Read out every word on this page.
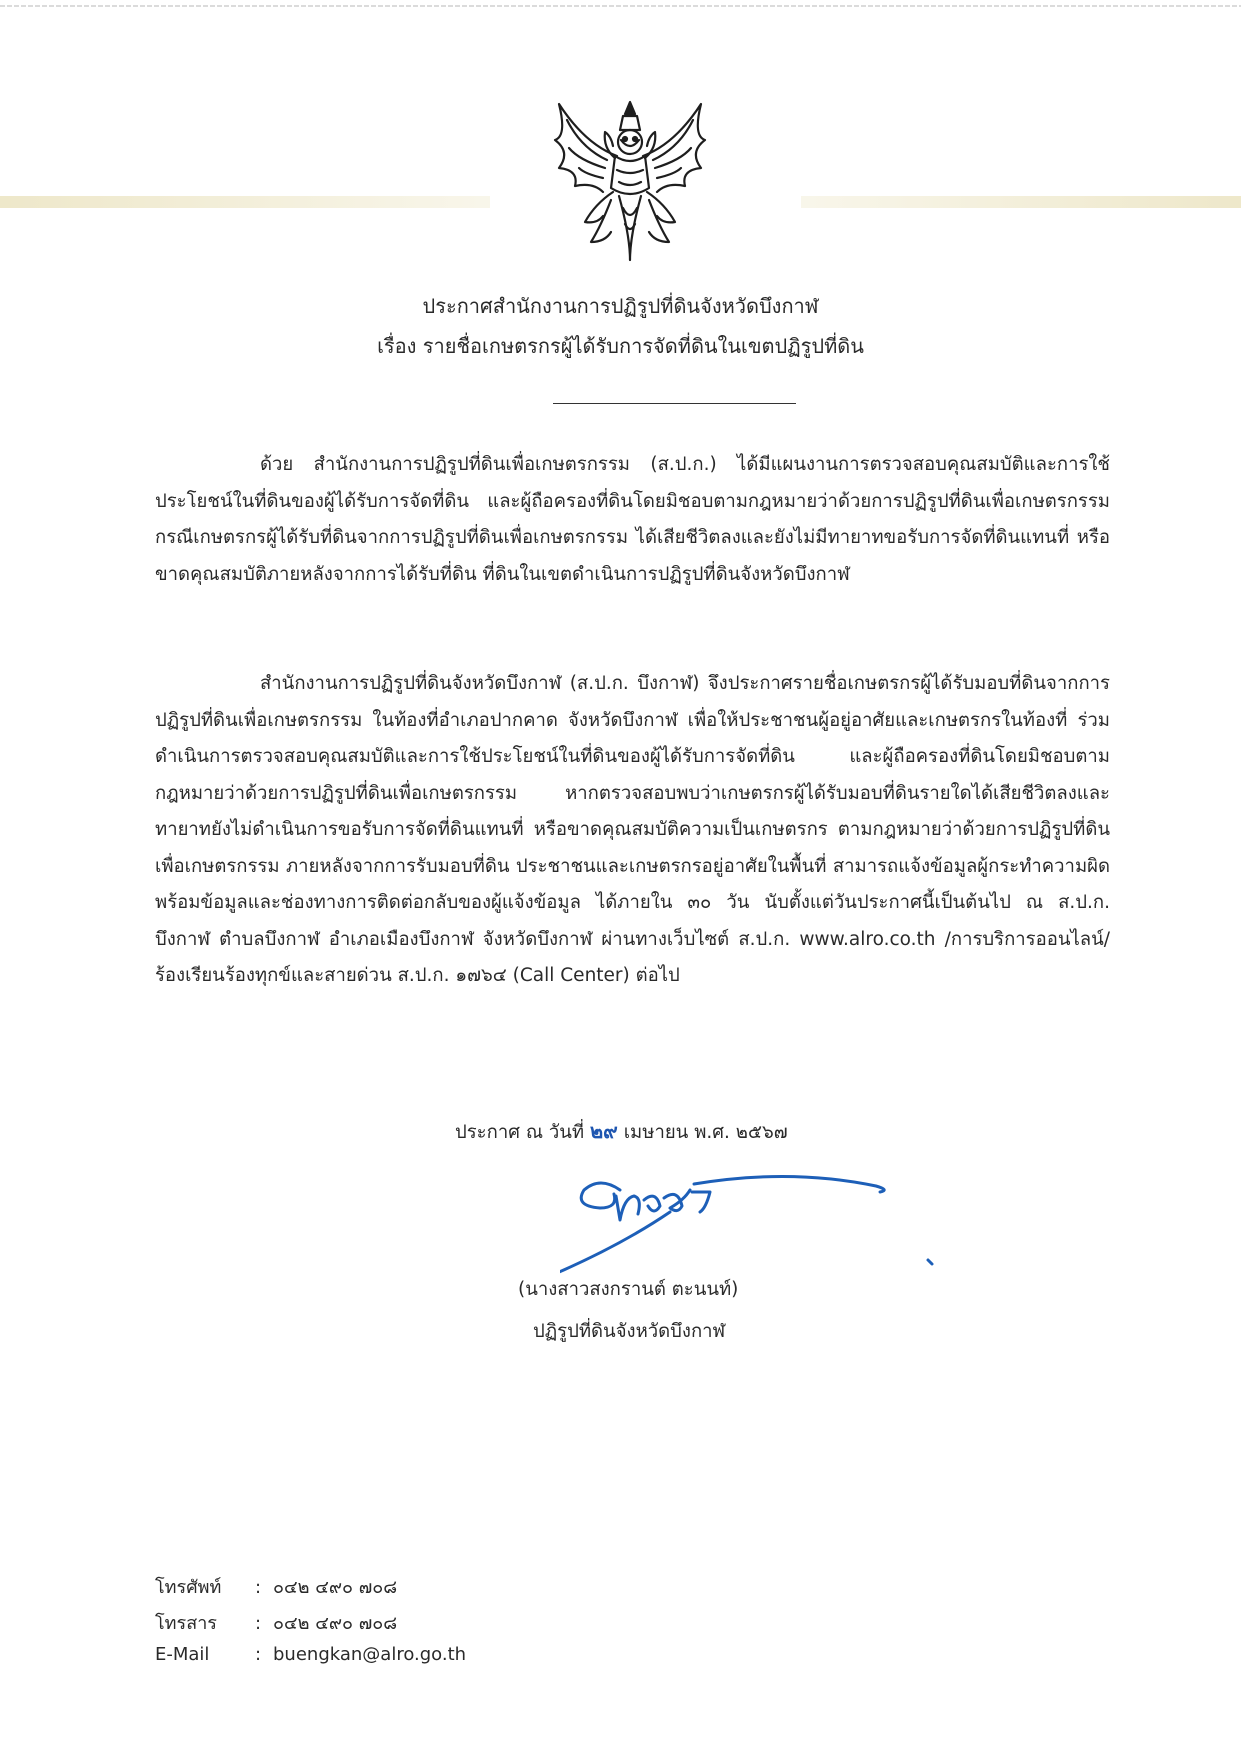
ประกาศสำนักงานการปฏิรูปที่ดินจังหวัดบึงกาฬ
เรื่อง รายชื่อเกษตรกรผู้ได้รับการจัดที่ดินในเขตปฏิรูปที่ดิน

ด้วย สำนักงานการปฏิรูปที่ดินเพื่อเกษตรกรรม (ส.ป.ก.) ได้มีแผนงานการตรวจสอบคุณสมบัติและการใช้ประโยชน์ในที่ดินของผู้ได้รับการจัดที่ดิน และผู้ถือครองที่ดินโดยมิชอบตามกฎหมายว่าด้วยการปฏิรูปที่ดินเพื่อเกษตรกรรม กรณีเกษตรกรผู้ได้รับที่ดินจากการปฏิรูปที่ดินเพื่อเกษตรกรรม ได้เสียชีวิตลงและยังไม่มีทายาทขอรับการจัดที่ดินแทนที่ หรือขาดคุณสมบัติภายหลังจากการได้รับที่ดิน ที่ดินในเขตดำเนินการปฏิรูปที่ดินจังหวัดบึงกาฬ

สำนักงานการปฏิรูปที่ดินจังหวัดบึงกาฬ (ส.ป.ก. บึงกาฬ) จึงประกาศรายชื่อเกษตรกรผู้ได้รับมอบที่ดินจากการปฏิรูปที่ดินเพื่อเกษตรกรรม ในท้องที่อำเภอปากคาด จังหวัดบึงกาฬ เพื่อให้ประชาชนผู้อยู่อาศัยและเกษตรกรในท้องที่ ร่วมดำเนินการตรวจสอบคุณสมบัติและการใช้ประโยชน์ในที่ดินของผู้ได้รับการจัดที่ดิน และผู้ถือครองที่ดินโดยมิชอบตามกฎหมายว่าด้วยการปฏิรูปที่ดินเพื่อเกษตรกรรม หากตรวจสอบพบว่าเกษตรกรผู้ได้รับมอบที่ดินรายใดได้เสียชีวิตลงและทายาทยังไม่ดำเนินการขอรับการจัดที่ดินแทนที่ หรือขาดคุณสมบัติความเป็นเกษตรกร ตามกฎหมายว่าด้วยการปฏิรูปที่ดินเพื่อเกษตรกรรม ภายหลังจากการรับมอบที่ดิน ประชาชนและเกษตรกรอยู่อาศัยในพื้นที่ สามารถแจ้งข้อมูลผู้กระทำความผิด พร้อมข้อมูลและช่องทางการติดต่อกลับของผู้แจ้งข้อมูล ได้ภายใน ๓๐ วัน นับตั้งแต่วันประกาศนี้เป็นต้นไป ณ ส.ป.ก. บึงกาฬ ตำบลบึงกาฬ อำเภอเมืองบึงกาฬ จังหวัดบึงกาฬ ผ่านทางเว็บไซต์ ส.ป.ก. www.alro.co.th /การบริการออนไลน์/ร้องเรียนร้องทุกข์และสายด่วน ส.ป.ก. ๑๗๖๔ (Call Center) ต่อไป

ประกาศ ณ วันที่ ๒๙ เมษายน พ.ศ. ๒๕๖๗
(นางสาวสงกรานต์ ตะนนท์)
ปฏิรูปที่ดินจังหวัดบึงกาฬ
โทรศัพท์ : ๐๔๒ ๔๙๐ ๗๐๘
โทรสาร : ๐๔๒ ๔๙๐ ๗๐๘
E-Mail	: buengkan@alro.go.th
